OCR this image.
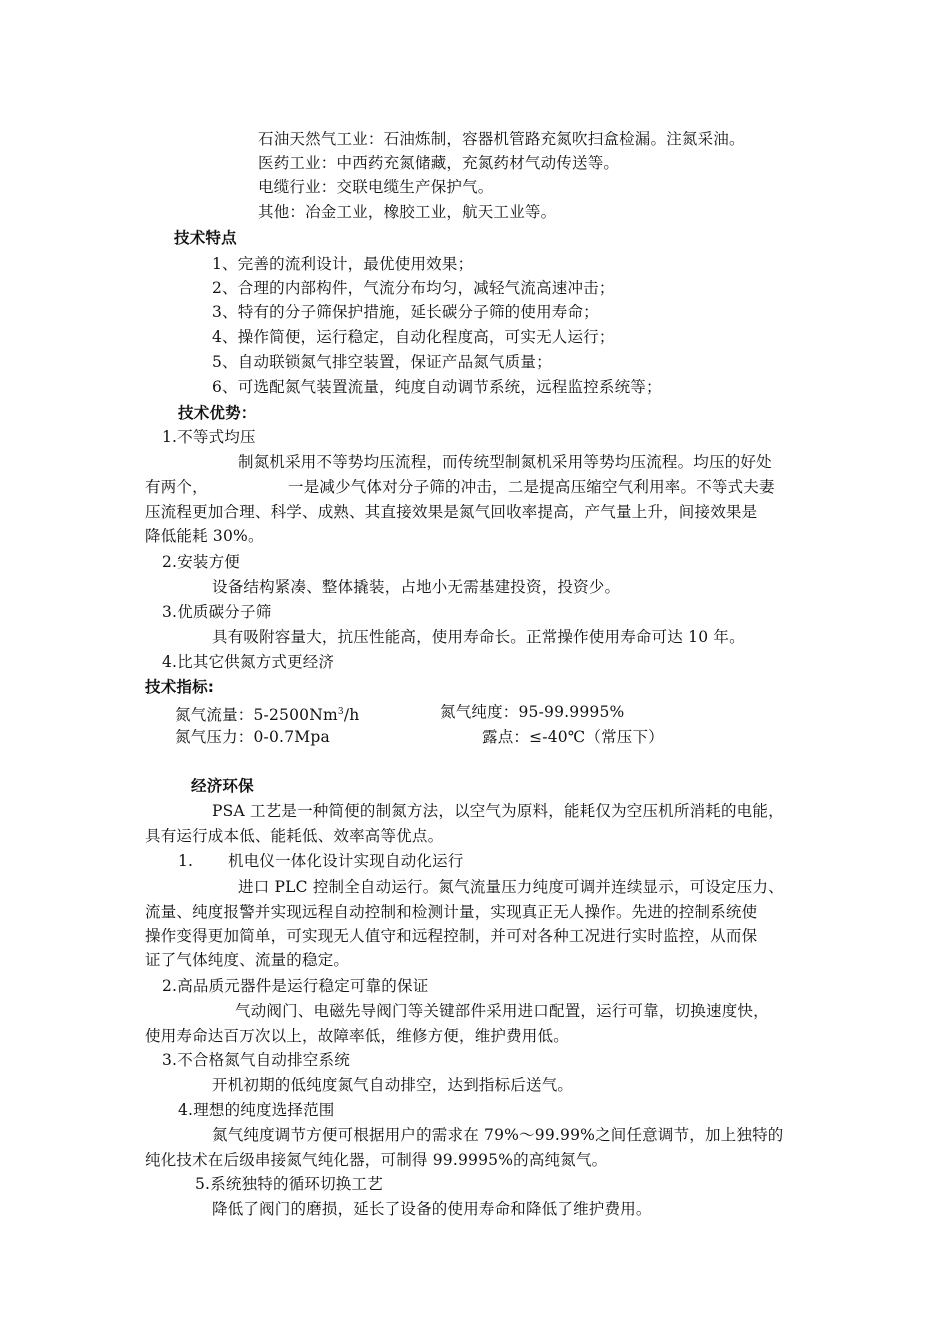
石油天然气工业：石油炼制，容器机管路充氮吹扫盒检漏。注氮采油。
医药工业：中西药充氮储藏，充氮药材气动传送等。
电缆行业：交联电缆生产保护气。
其他：冶金工业，橡胶工业，航天工业等。
技术特点
1、完善的流利设计，最优使用效果；
2、合理的内部构件，气流分布均匀，减轻气流高速冲击；
3、特有的分子筛保护措施，延长碳分子筛的使用寿命；
4、操作简便，运行稳定，自动化程度高，可实无人运行；
5、自动联锁氮气排空装置，保证产品氮气质量；
6、可选配氮气装置流量，纯度自动调节系统，远程监控系统等；
技术优势：
1.不等式均压
制氮机采用不等势均压流程，而传统型制氮机采用等势均压流程。均压的好处
有两个，	一是减少气体对分子筛的冲击，二是提高压缩空气利用率。不等式夫妻
压流程更加合理、科学、成熟、其直接效果是氮气回收率提高，产气量上升，间接效果是
降低能耗 30%。
2.安装方便
设备结构紧凑、整体撬装，占地小无需基建投资，投资少。
3.优质碳分子筛
具有吸附容量大，抗压性能高，使用寿命长。正常操作使用寿命可达 10 年。
4.比其它供氮方式更经济
技术指标:
氮气流量：5-2500Nm$^3$/h	氮气纯度：95-99.9995%
氮气压力：0-0.7Mpa	露点：≤-40℃（常压下）
经济环保
PSA 工艺是一种简便的制氮方法，以空气为原料，能耗仅为空压机所消耗的电能，
具有运行成本低、能耗低、效率高等优点。
1. 机电仪一体化设计实现自动化运行
进口 PLC 控制全自动运行。氮气流量压力纯度可调并连续显示，可设定压力、
流量、纯度报警并实现远程自动控制和检测计量，实现真正无人操作。先进的控制系统使
操作变得更加简单，可实现无人值守和远程控制，并可对各种工况进行实时监控，从而保
证了气体纯度、流量的稳定。
2.高品质元器件是运行稳定可靠的保证
气动阀门、电磁先导阀门等关键部件采用进口配置，运行可靠，切换速度快，
使用寿命达百万次以上，故障率低，维修方便，维护费用低。
3.不合格氮气自动排空系统
开机初期的低纯度氮气自动排空，达到指标后送气。
4.理想的纯度选择范围
氮气纯度调节方便可根据用户的需求在 79%～99.99%之间任意调节，加上独特的
纯化技术在后级串接氮气纯化器，可制得 99.9995%的高纯氮气。
5.系统独特的循环切换工艺
降低了阀门的磨损，延长了设备的使用寿命和降低了维护费用。
